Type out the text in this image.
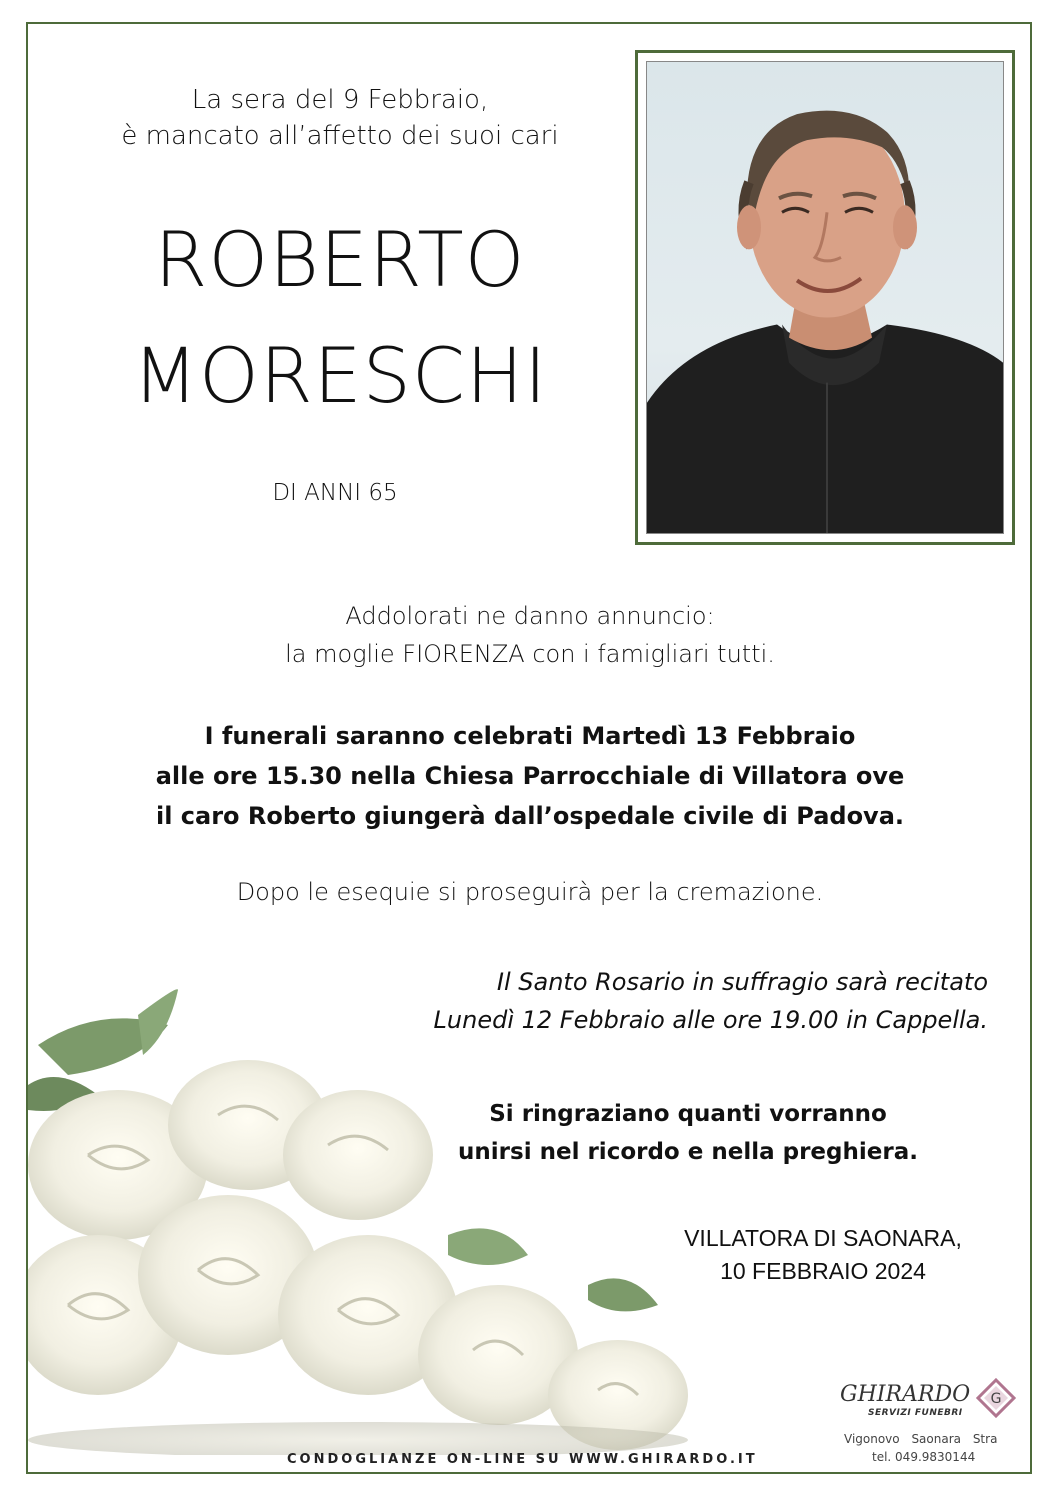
La sera del 9 Febbraio,
è mancato all’affetto dei suoi cari
ROBERTO
MORESCHI
DI ANNI 65
Addolorati ne danno annuncio:
la moglie FIORENZA con i famigliari tutti.
I funerali saranno celebrati Martedì 13 Febbraio
alle ore 15.30 nella Chiesa Parrocchiale di Villatora ove
il caro Roberto giungerà dall’ospedale civile di Padova.
Dopo le esequie si proseguirà per la cremazione.
Il Santo Rosario in suffragio sarà recitato
Lunedì 12 Febbraio alle ore 19.00 in Cappella.
Si ringraziano quanti vorranno
unirsi nel ricordo e nella preghiera.
VILLATORA DI SAONARA,
10 FEBBRAIO 2024
CONDOGLIANZE ON-LINE SU WWW.GHIRARDO.IT
GHIRARDO
SERVIZI FUNEBRI
G
Vigonovo Saonara Stra
tel. 049.9830144
